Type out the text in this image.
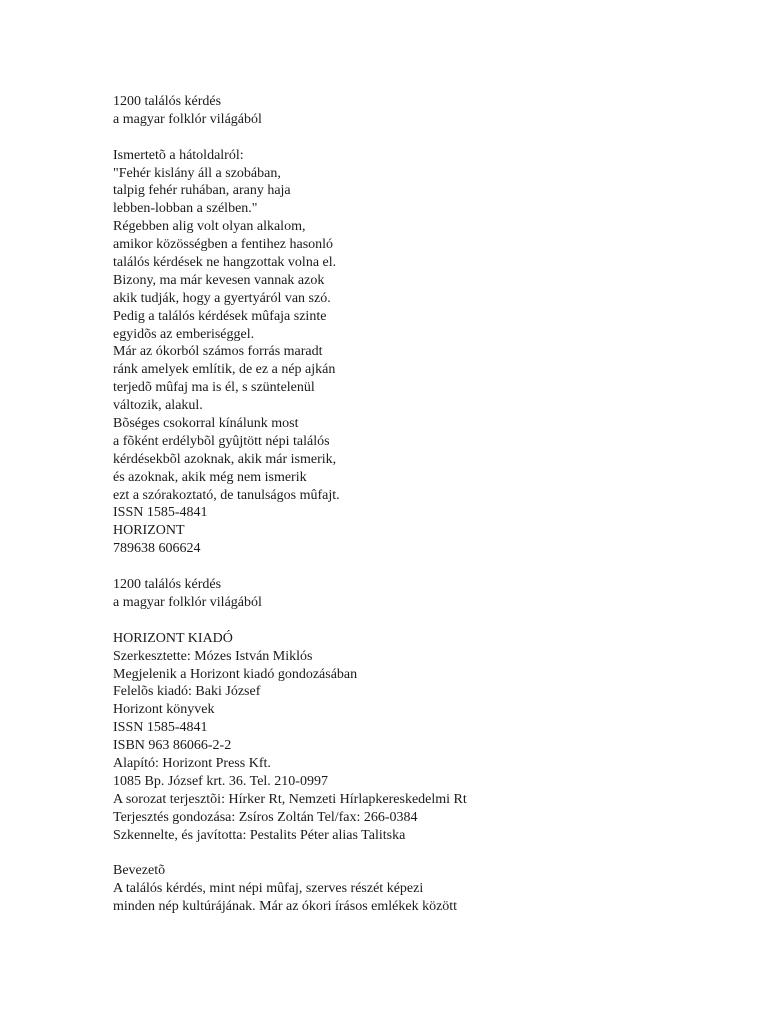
1200 találós kérdés
a magyar folklór világából
Ismertetõ a hátoldalról:
"Fehér kislány áll a szobában,
talpig fehér ruhában, arany haja
lebben-lobban a szélben."
Régebben alig volt olyan alkalom,
amikor közösségben a fentihez hasonló
találós kérdések ne hangzottak volna el.
Bizony, ma már kevesen vannak azok
akik tudják, hogy a gyertyáról van szó.
Pedig a találós kérdések mûfaja szinte
egyidõs az emberiséggel.
Már az ókorból számos forrás maradt
ránk amelyek említik, de ez a nép ajkán
terjedõ mûfaj ma is él, s szüntelenül
változik, alakul.
Bõséges csokorral kínálunk most
a fõként erdélybõl gyûjtött népi találós
kérdésekbõl azoknak, akik már ismerik,
és azoknak, akik még nem ismerik
ezt a szórakoztató, de tanulságos mûfajt.
ISSN 1585-4841
HORIZONT
789638 606624
1200 találós kérdés
a magyar folklór világából
HORIZONT KIADÓ
Szerkesztette: Mózes István Miklós
Megjelenik a Horizont kiadó gondozásában
Felelõs kiadó: Baki József
Horizont könyvek
ISSN 1585-4841
ISBN 963 86066-2-2
Alapító: Horizont Press Kft.
1085 Bp. József krt. 36. Tel. 210-0997
A sorozat terjesztõi: Hírker Rt, Nemzeti Hírlapkereskedelmi Rt
Terjesztés gondozása: Zsíros Zoltán Tel/fax: 266-0384
Szkennelte, és javította: Pestalits Péter alias Talitska
Bevezetõ
A találós kérdés, mint népi mûfaj, szerves részét képezi
minden nép kultúrájának. Már az ókori írásos emlékek között
